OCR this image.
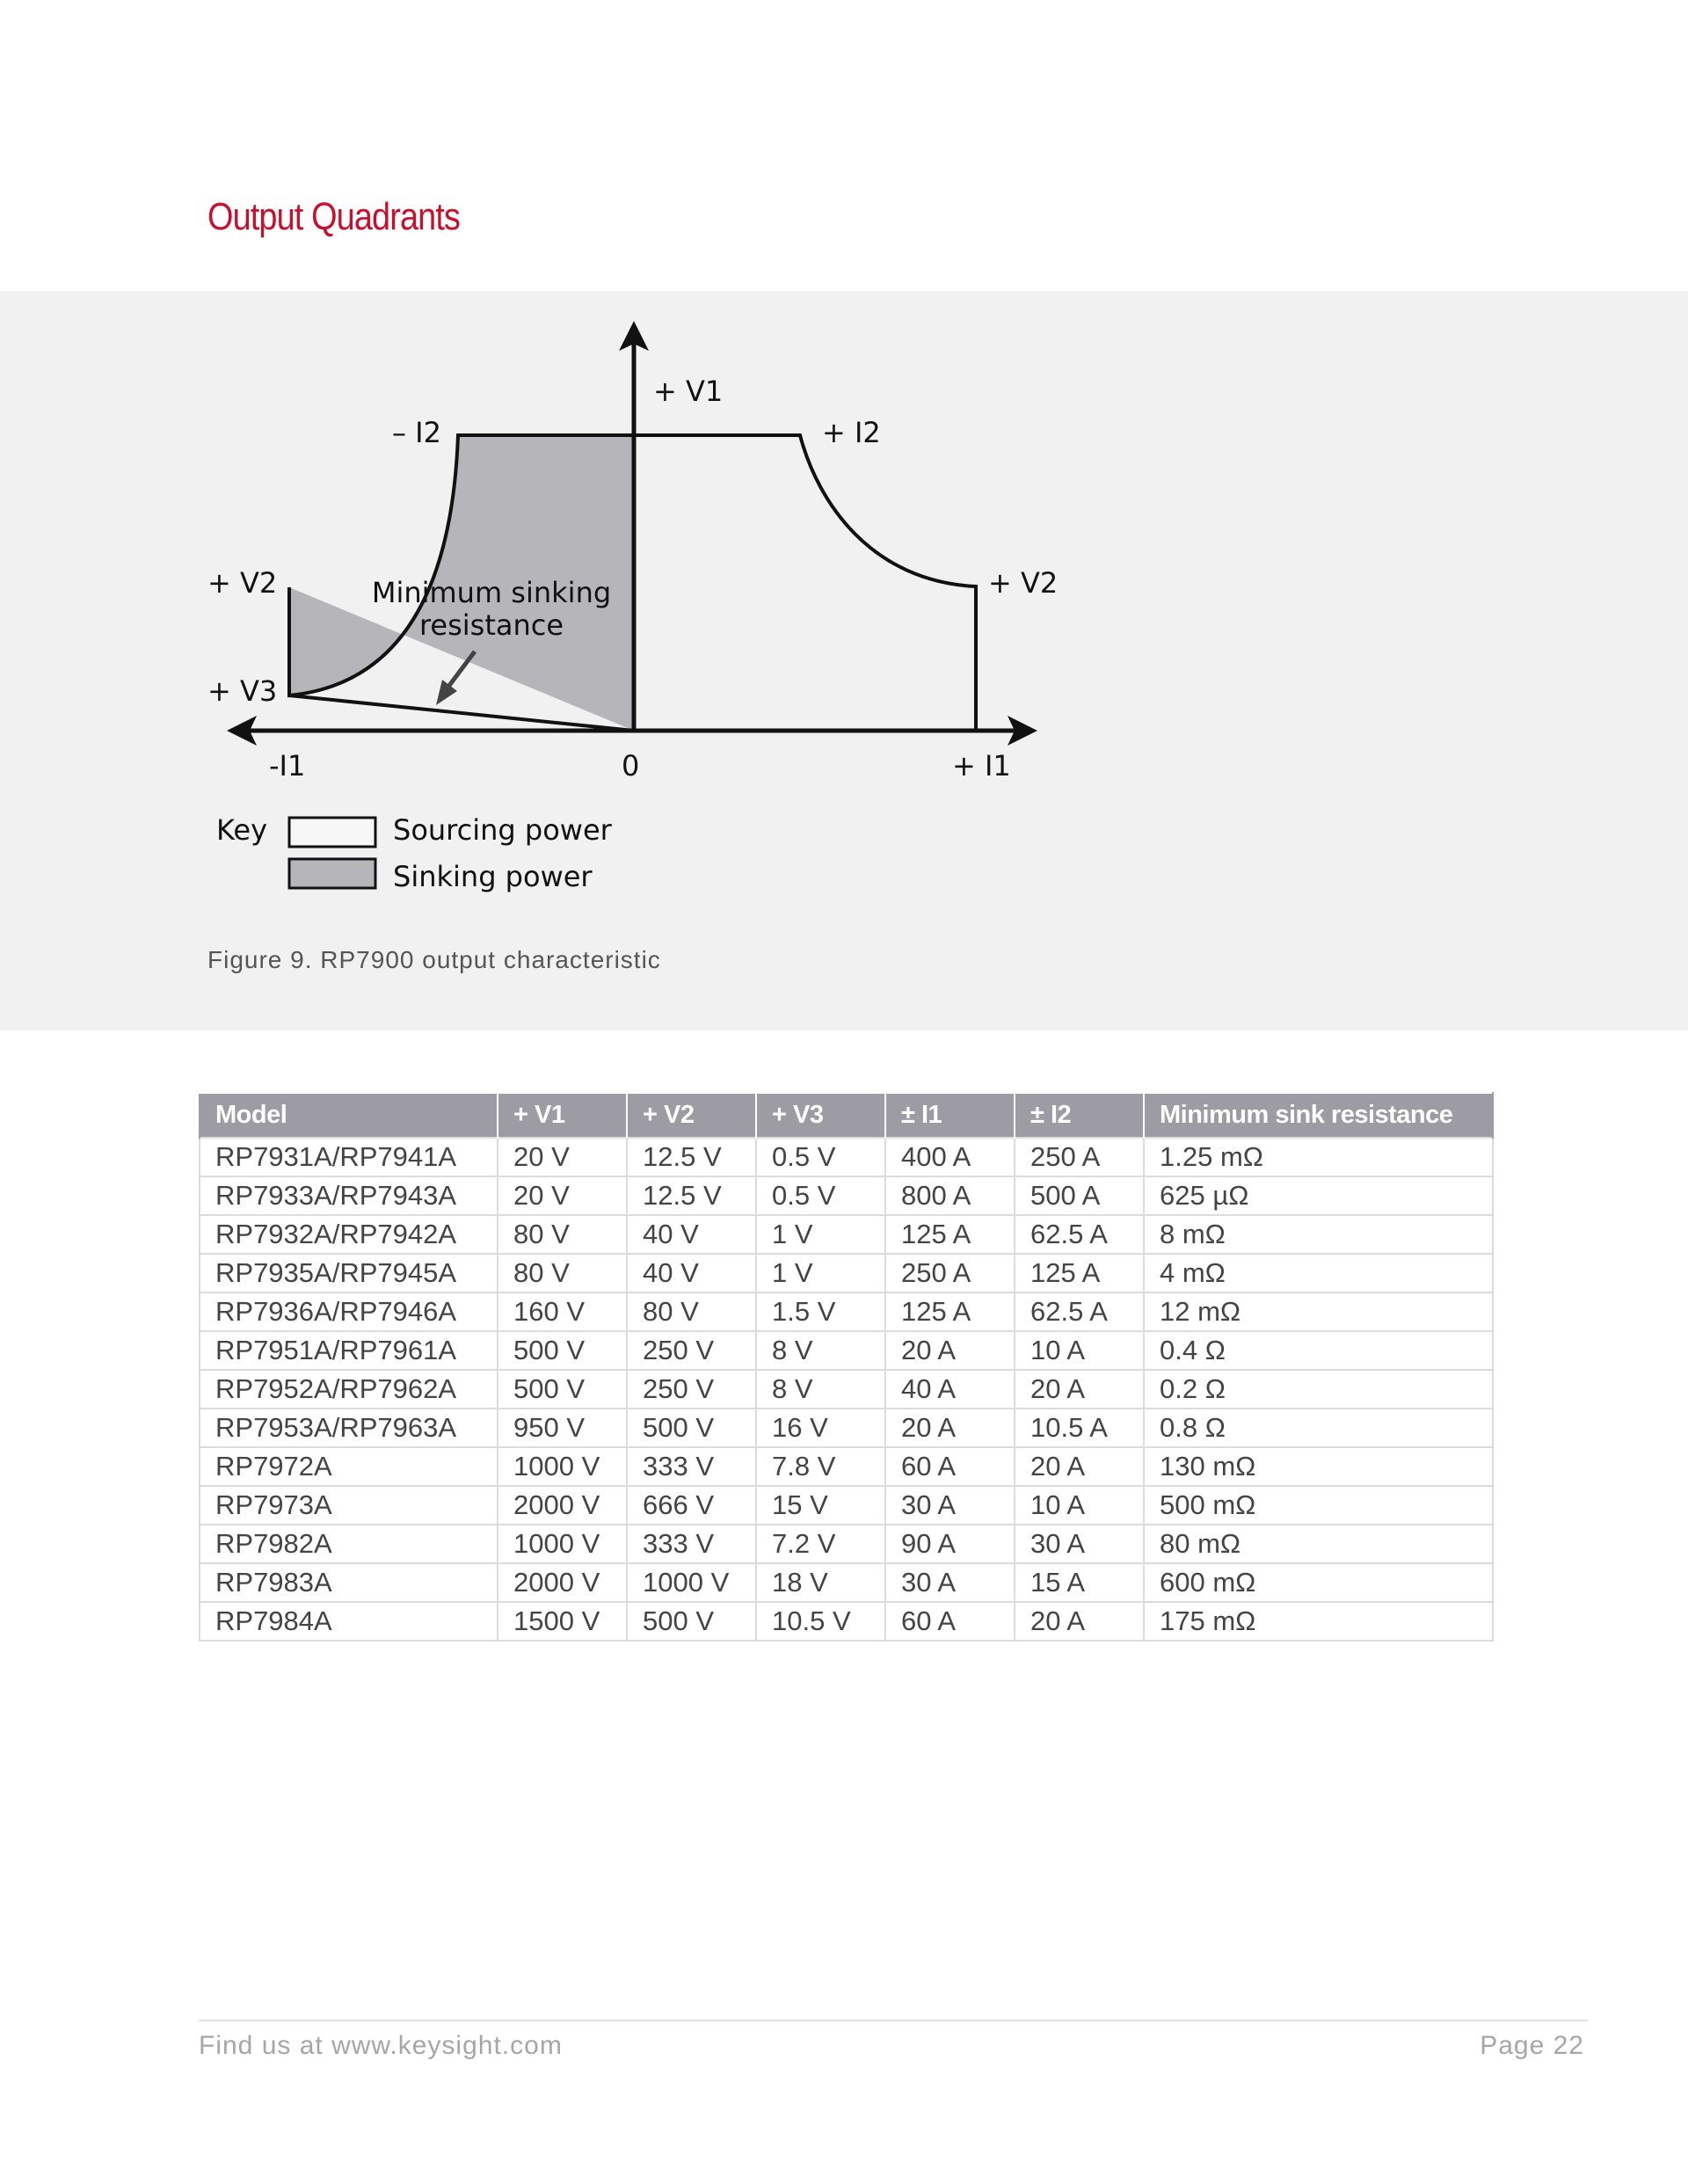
Output Quadrants
+ V1
– I2	+ I2
+ V2	+ V2
+ V3
-I1	0	+ I1
Minimum sinking
resistance
Key	Sourcing power
Sinking power
Figure 9. RP7900 output characteristic
Model	+ V1	+ V2	+ V3	± I1	± I2	Minimum sink resistance
RP7931A/RP7941A	20 V	12.5 V	0.5 V	400 A	250 A	1.25 mΩ
RP7933A/RP7943A	20 V	12.5 V	0.5 V	800 A	500 A	625 µΩ
RP7932A/RP7942A	80 V	40 V	1 V	125 A	62.5 A	8 mΩ
RP7935A/RP7945A	80 V	40 V	1 V	250 A	125 A	4 mΩ
RP7936A/RP7946A	160 V	80 V	1.5 V	125 A	62.5 A	12 mΩ
RP7951A/RP7961A	500 V	250 V	8 V	20 A	10 A	0.4 Ω
RP7952A/RP7962A	500 V	250 V	8 V	40 A	20 A	0.2 Ω
RP7953A/RP7963A	950 V	500 V	16 V	20 A	10.5 A	0.8 Ω
RP7972A	1000 V	333 V	7.8 V	60 A	20 A	130 mΩ
RP7973A	2000 V	666 V	15 V	30 A	10 A	500 mΩ
RP7982A	1000 V	333 V	7.2 V	90 A	30 A	80 mΩ
RP7983A	2000 V	1000 V	18 V	30 A	15 A	600 mΩ
RP7984A	1500 V	500 V	10.5 V	60 A	20 A	175 mΩ
Find us at www.keysight.com	Page 22
